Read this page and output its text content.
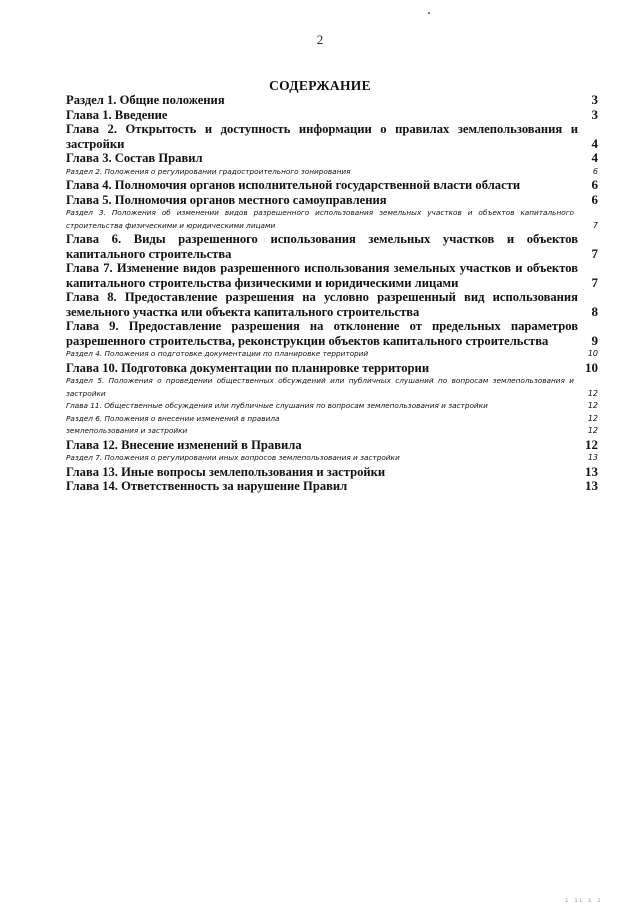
2
СОДЕРЖАНИЕ
Раздел 1. Общие положения	3
Глава 1. Введение	3
Глава 2. Открытость и доступность информации о правилах землепользования и застройки	4
Глава 3. Состав Правил	4
Раздел 2. Положения о регулировании градостроительного зонирования	6
Глава 4. Полномочия органов исполнительной государственной власти области	6
Глава 5. Полномочия органов местного самоуправления	6
Раздел 3. Положения об изменении видов разрешенного использования земельных участков и объектов капитального строительства физическими и юридическими лицами	7
Глава 6. Виды разрешенного использования земельных участков и объектов капитального строительства	7
Глава 7. Изменение видов разрешенного использования земельных участков и объектов капитального строительства физическими и юридическими лицами	7
Глава 8. Предоставление разрешения на условно разрешенный вид использования земельного участка или объекта капитального строительства	8
Глава 9. Предоставление разрешения на отклонение от предельных параметров разрешенного строительства, реконструкции объектов капитального строительства	9
Раздел 4. Положения о подготовке документации по планировке территорий	10
Глава 10. Подготовка документации по планировке территории	10
Раздел 5. Положения о проведении общественных обсуждений или публичных слушаний по вопросам землепользования и застройки	12
Глава 11. Общественные обсуждения или публичные слушания по вопросам землепользования и застройки	12
Раздел 6. Положения о внесении изменений в правила	12
землепользования и застройки	12
Глава 12. Внесение изменений в Правила	12
Раздел 7. Положения о регулировании иных вопросов землепользования и застройки	13
Глава 13. Иные вопросы землепользования и застройки	13
Глава 14. Ответственность за нарушение Правил	13
ı ıı ı ı
